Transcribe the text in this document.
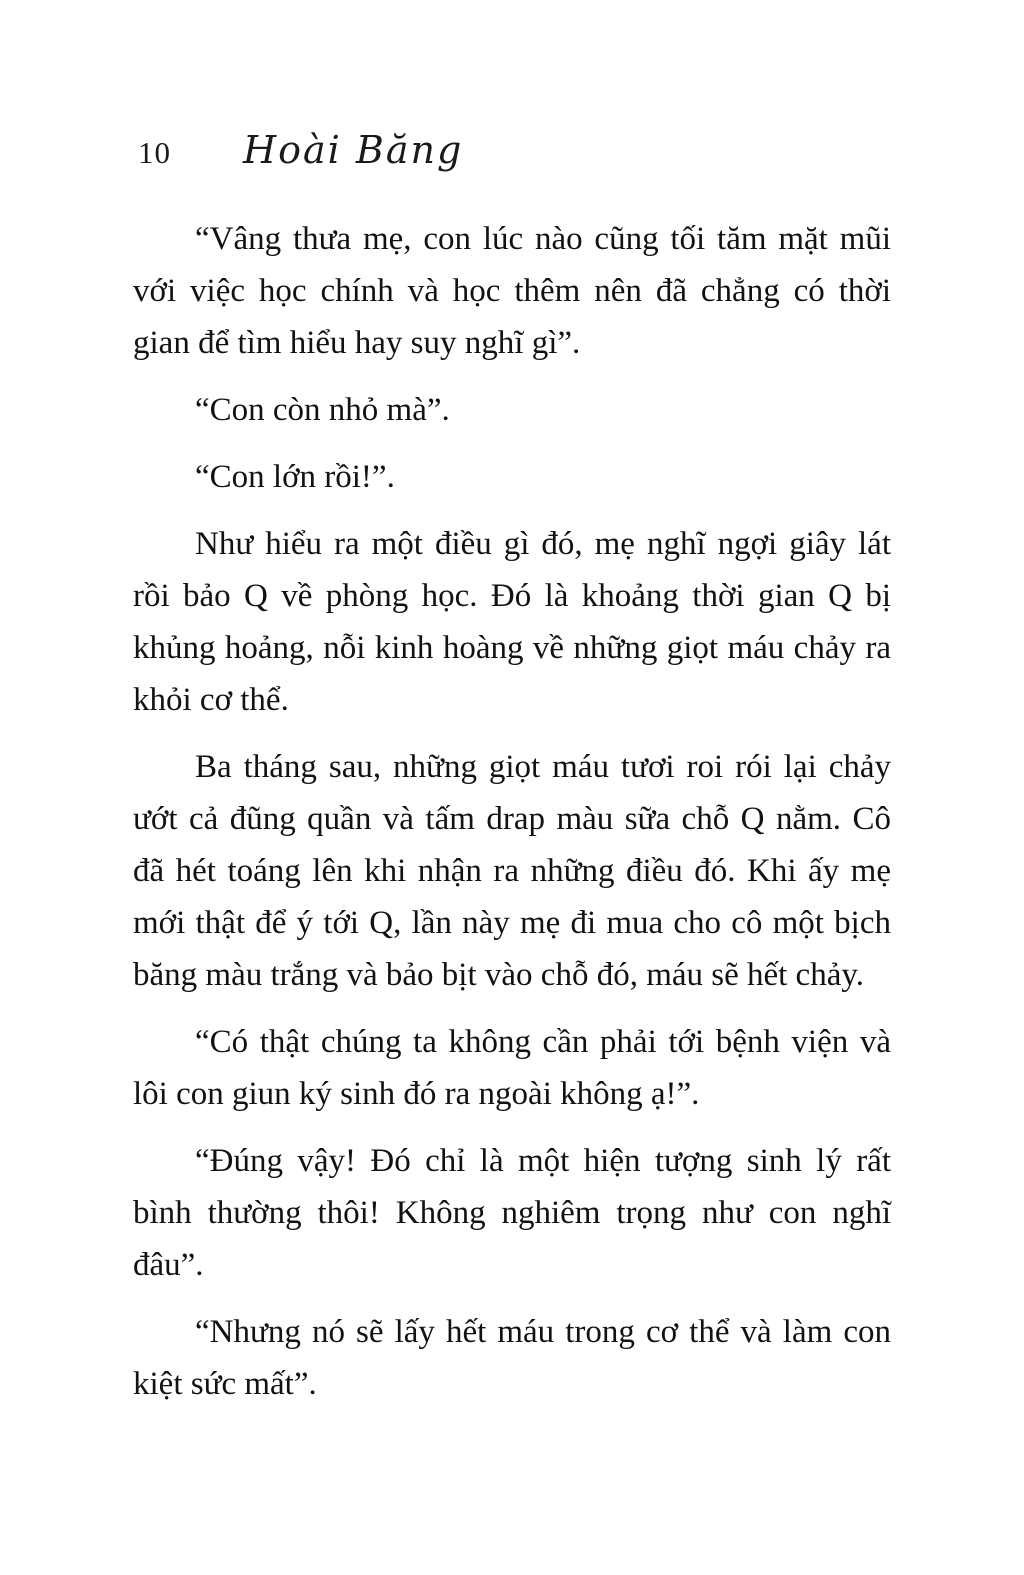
10 Hoài Băng

“Vâng thưa mẹ, con lúc nào cũng tối tăm mặt mũi với việc học chính và học thêm nên đã chẳng có thời gian để tìm hiểu hay suy nghĩ gì”.

“Con còn nhỏ mà”.

“Con lớn rồi!”.

Như hiểu ra một điều gì đó, mẹ nghĩ ngợi giây lát rồi bảo Q về phòng học. Đó là khoảng thời gian Q bị khủng hoảng, nỗi kinh hoàng về những giọt máu chảy ra khỏi cơ thể.

Ba tháng sau, những giọt máu tươi roi rói lại chảy ướt cả đũng quần và tấm drap màu sữa chỗ Q nằm. Cô đã hét toáng lên khi nhận ra những điều đó. Khi ấy mẹ mới thật để ý tới Q, lần này mẹ đi mua cho cô một bịch băng màu trắng và bảo bịt vào chỗ đó, máu sẽ hết chảy.

“Có thật chúng ta không cần phải tới bệnh viện và lôi con giun ký sinh đó ra ngoài không ạ!”.

“Đúng vậy! Đó chỉ là một hiện tượng sinh lý rất bình thường thôi! Không nghiêm trọng như con nghĩ đâu”.

“Nhưng nó sẽ lấy hết máu trong cơ thể và làm con kiệt sức mất”.
